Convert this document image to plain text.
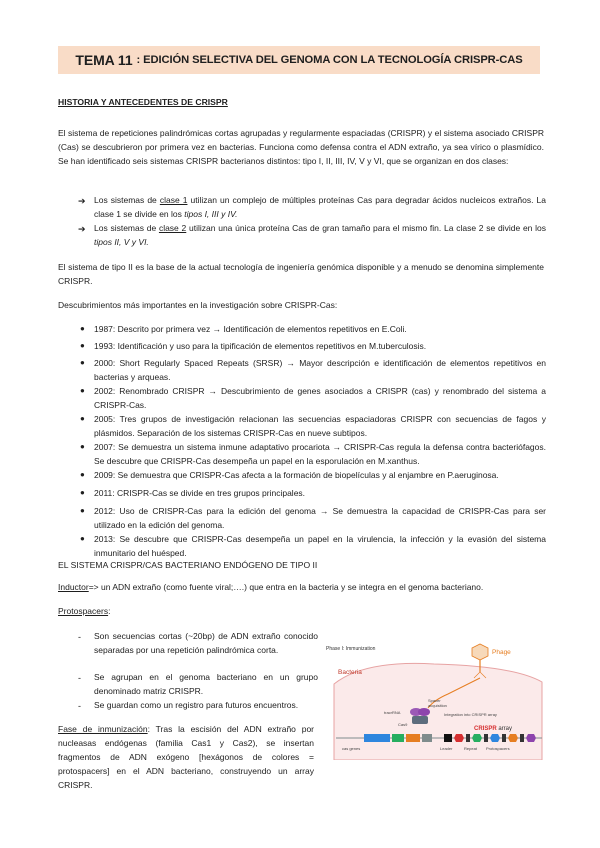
TEMA 11 : EDICIÓN SELECTIVA DEL GENOMA CON LA TECNOLOGÍA CRISPR-CAS
HISTORIA Y ANTECEDENTES DE CRISPR

El sistema de repeticiones palindrómicas cortas agrupadas y regularmente espaciadas (CRISPR) y el sistema asociado CRISPR (Cas) se descubrieron por primera vez en bacterias. Funciona como defensa contra el ADN extraño, ya sea vírico o plasmídico. Se han identificado seis sistemas CRISPR bacterianos distintos: tipo I, II, III, IV, V y VI, que se organizan en dos clases:

➔ Los sistemas de clase 1 utilizan un complejo de múltiples proteínas Cas para degradar ácidos nucleicos extraños. La clase 1 se divide en los tipos I, III y IV.
➔ Los sistemas de clase 2 utilizan una única proteína Cas de gran tamaño para el mismo fin. La clase 2 se divide en los tipos II, V y VI.

El sistema de tipo II es la base de la actual tecnología de ingeniería genómica disponible y a menudo se denomina simplemente CRISPR.

Descubrimientos más importantes en la investigación sobre CRISPR-Cas:

● 1987: Descrito por primera vez → Identificación de elementos repetitivos en E.Coli.
● 1993: Identificación y uso para la tipificación de elementos repetitivos en M.tuberculosis.
● 2000: Short Regularly Spaced Repeats (SRSR) → Mayor descripción e identificación de elementos repetitivos en bacterias y arqueas.
● 2002: Renombrado CRISPR → Descubrimiento de genes asociados a CRISPR (cas) y renombrado del sistema a CRISPR-Cas.
● 2005: Tres grupos de investigación relacionan las secuencias espaciadoras CRISPR con secuencias de fagos y plásmidos. Separación de los sistemas CRISPR-Cas en nueve subtipos.
● 2007: Se demuestra un sistema inmune adaptativo procariota → CRISPR-Cas regula la defensa contra bacteriófagos. Se descubre que CRISPR-Cas desempeña un papel en la esporulación en M.xanthus.
● 2009: Se demuestra que CRISPR-Cas afecta a la formación de biopelículas y al enjambre en P.aeruginosa.
● 2011: CRISPR-Cas se divide en tres grupos principales.
● 2012: Uso de CRISPR-Cas para la edición del genoma → Se demuestra la capacidad de CRISPR-Cas para ser utilizado en la edición del genoma.
● 2013: Se descubre que CRISPR-Cas desempeña un papel en la virulencia, la infección y la evasión del sistema inmunitario del huésped.
EL SISTEMA CRISPR/CAS BACTERIANO ENDÓGENO DE TIPO II

Inductor=> un ADN extraño (como fuente viral;….) que entra en la bacteria y se integra en el genoma bacteriano.

Protospacers:

- Son secuencias cortas (~20bp) de ADN extraño conocido separadas por una repetición palindrómica corta.
- Se agrupan en el genoma bacteriano en un grupo denominado matriz CRISPR.
- Se guardan como un registro para futuros encuentros.

Fase de inmunización: Tras la escisión del ADN extraño por nucleasas endógenas (familia Cas1 y Cas2), se insertan fragmentos de ADN exógeno [hexágonos de colores = protospacers] en el ADN bacteriano, construyendo un array CRISPR.

Phase I: Immunization
Bacteria
Phage
Spacer
acquisition
Integration into CRISPR array
tracrRNA
Cas9
cas genes
CRISPR array
Leader	Repeat Protospacers
